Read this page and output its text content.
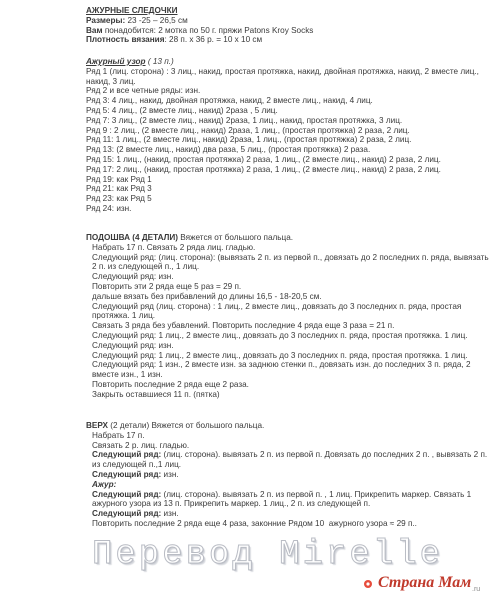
АЖУРНЫЕ СЛЕДОЧКИ
Размеры: 23 -25 – 26,5 см
Вам понадобится: 2 мотка по 50 г. пряжи Patons Kroy Socks
Плотность вязания: 28 п. х 36 р. = 10 х 10 см
Ажурный узор ( 13 п.)
Ряд 1 (лиц. сторона) : 3 лиц., накид, простая протяжка, накид, двойная протяжка, накид, 2 вместе лиц., накид, 3 лиц.
Ряд 2 и все четные ряды: изн.
Ряд 3: 4 лиц., накид, двойная протяжка, накид, 2 вместе лиц., накид, 4 лиц.
Ряд 5: 4 лиц., (2 вместе лиц., накид) 2раза , 5 лиц.
Ряд 7: 3 лиц., (2 вместе лиц., накид) 2раза, 1 лиц., накид, простая протяжка, 3 лиц.
Ряд 9 : 2 лиц., (2 вместе лиц., накид) 2раза, 1 лиц., (простая протяжка) 2 раза, 2 лиц.
Ряд 11: 1 лиц., (2 вместе лиц., накид) 2раза, 1 лиц., (простая протяжка) 2 раза, 2 лиц.
Ряд 13: (2 вместе лиц., накид) два раза, 5 лиц., (простая протяжка) 2 раза.
Ряд 15: 1 лиц., (накид, простая протяжка) 2 раза, 1 лиц., (2 вместе лиц., накид) 2 раза, 2 лиц.
Ряд 17: 2 лиц., (накид, простая протяжка) 2 раза, 1 лиц., (2 вместе лиц., накид) 2 раза, 2 лиц.
Ряд 19: как Ряд 1
Ряд 21: как Ряд 3
Ряд 23: как Ряд 5
Ряд 24: изн.
ПОДОШВА (4 ДЕТАЛИ) Вяжется от большого пальца.
Набрать 17 п. Связать 2 ряда лиц. гладью.
Следующий ряд: (лиц. сторона): (вывязать 2 п. из первой п., довязать до 2 последних п. ряда, вывязать 2 п. из следующей п., 1 лиц.
Следующий ряд: изн.
Повторить эти 2 ряда еще 5 раз = 29 п.
дальше вязать без прибавлений до длины 16,5 - 18-20,5 см.
Следующий ряд (лиц. сторона) : 1 лиц., 2 вместе лиц., довязать до 3 последних п. ряда, простая протяжка. 1 лиц.
Связать 3 ряда без убавлений. Повторить последние 4 ряда еще 3 раза = 21 п.
Следующий ряд: 1 лиц., 2 вместе лиц., довязать до 3 последних п. ряда, простая протяжка. 1 лиц.
Следующий ряд: изн.
Следующий ряд: 1 лиц., 2 вместе лиц., довязать до 3 последних п. ряда, простая протяжка. 1 лиц.
Следующий ряд: 1 изн., 2 вместе изн. за заднюю стенки п., довязать изн. до последних 3 п. ряда, 2 вместе изн., 1 изн.
Повторить последние 2 ряда еще 2 раза.
Закрыть оставшиеся 11 п. (пятка)
ВЕРХ (2 детали) Вяжется от большого пальца.
Набрать 17 п.
Связать 2 р. лиц. гладью.
Следующий ряд: (лиц. сторона). вывязать 2 п. из первой п. Довязать до последних 2 п. , вывязать 2 п. из следующей п.,1 лиц.
Следующий ряд: изн.
Ажур:
Следующий ряд: (лиц. сторона). вывязать 2 п. из первой п. , 1 лиц. Прикрепить маркер. Связать 1 ажурного узора из 13 п. Прикрепить маркер. 1 лиц., 2 п. из следующей п.
Следующий ряд: изн.
Повторить последние 2 ряда еще 4 раза, законние Рядом 10  ажурного узора ≈ 29 п..
Перевод Mirelle
Страна Мам .ru
